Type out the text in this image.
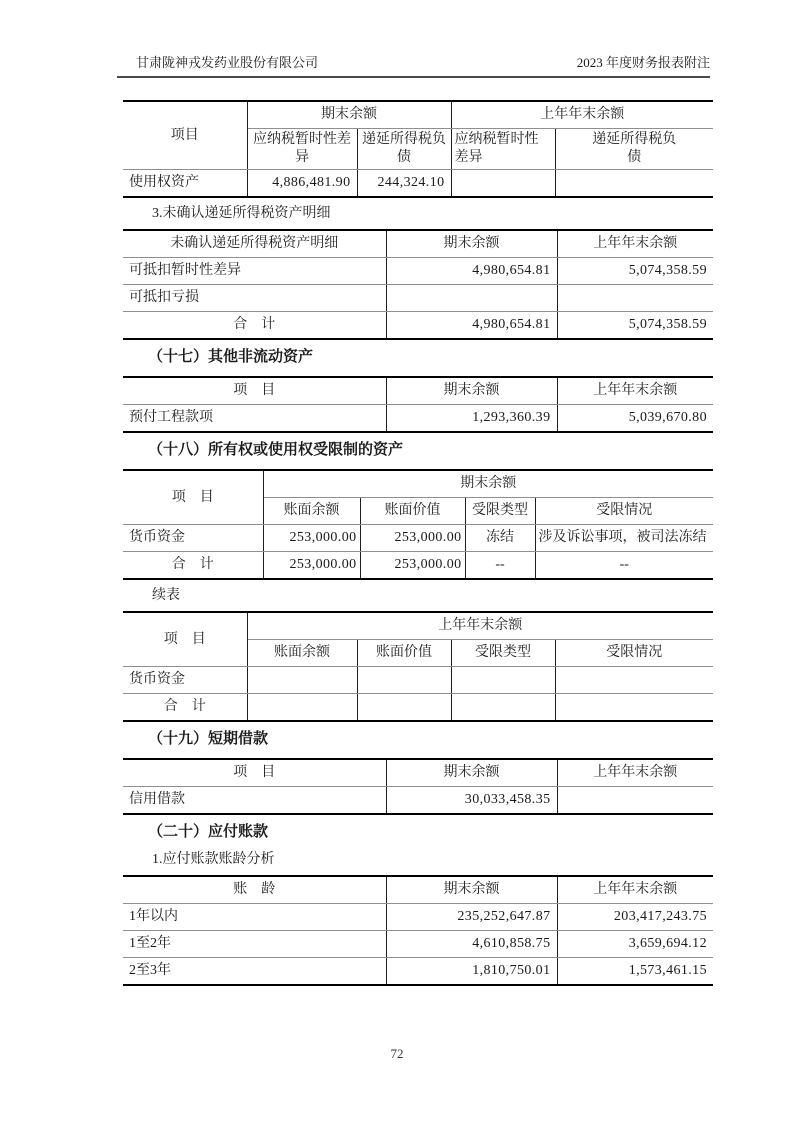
甘肃陇神戎发药业股份有限公司	2023 年度财务报表附注
项目	期末余额		上年年末余额	
	应纳税暂时性差异	递延所得税负债	应纳税暂时性差异	递延所得税负债
使用权资产	4,886,481.90	244,324.10		
3.未确认递延所得税资产明细
未确认递延所得税资产明细	期末余额	上年年末余额
可抵扣暂时性差异	4,980,654.81	5,074,358.59
可抵扣亏损		
合　计	4,980,654.81	5,074,358.59
（十七）其他非流动资产
项　目	期末余额	上年年末余额
预付工程款项	1,293,360.39	5,039,670.80
（十八）所有权或使用权受限制的资产
项　目	期末余额			
	账面余额	账面价值	受限类型	受限情况
货币资金	253,000.00	253,000.00	冻结	涉及诉讼事项，被司法冻结
合　计	253,000.00	253,000.00	--	--
续表
项　目	上年年末余额			
	账面余额	账面价值	受限类型	受限情况
货币资金				
合　计				
（十九）短期借款
项　目	期末余额	上年年末余额
信用借款	30,033,458.35	
（二十）应付账款
1.应付账款账龄分析
账　龄	期末余额	上年年末余额
1年以内	235,252,647.87	203,417,243.75
1至2年	4,610,858.75	3,659,694.12
2至3年	1,810,750.01	1,573,461.15
72
